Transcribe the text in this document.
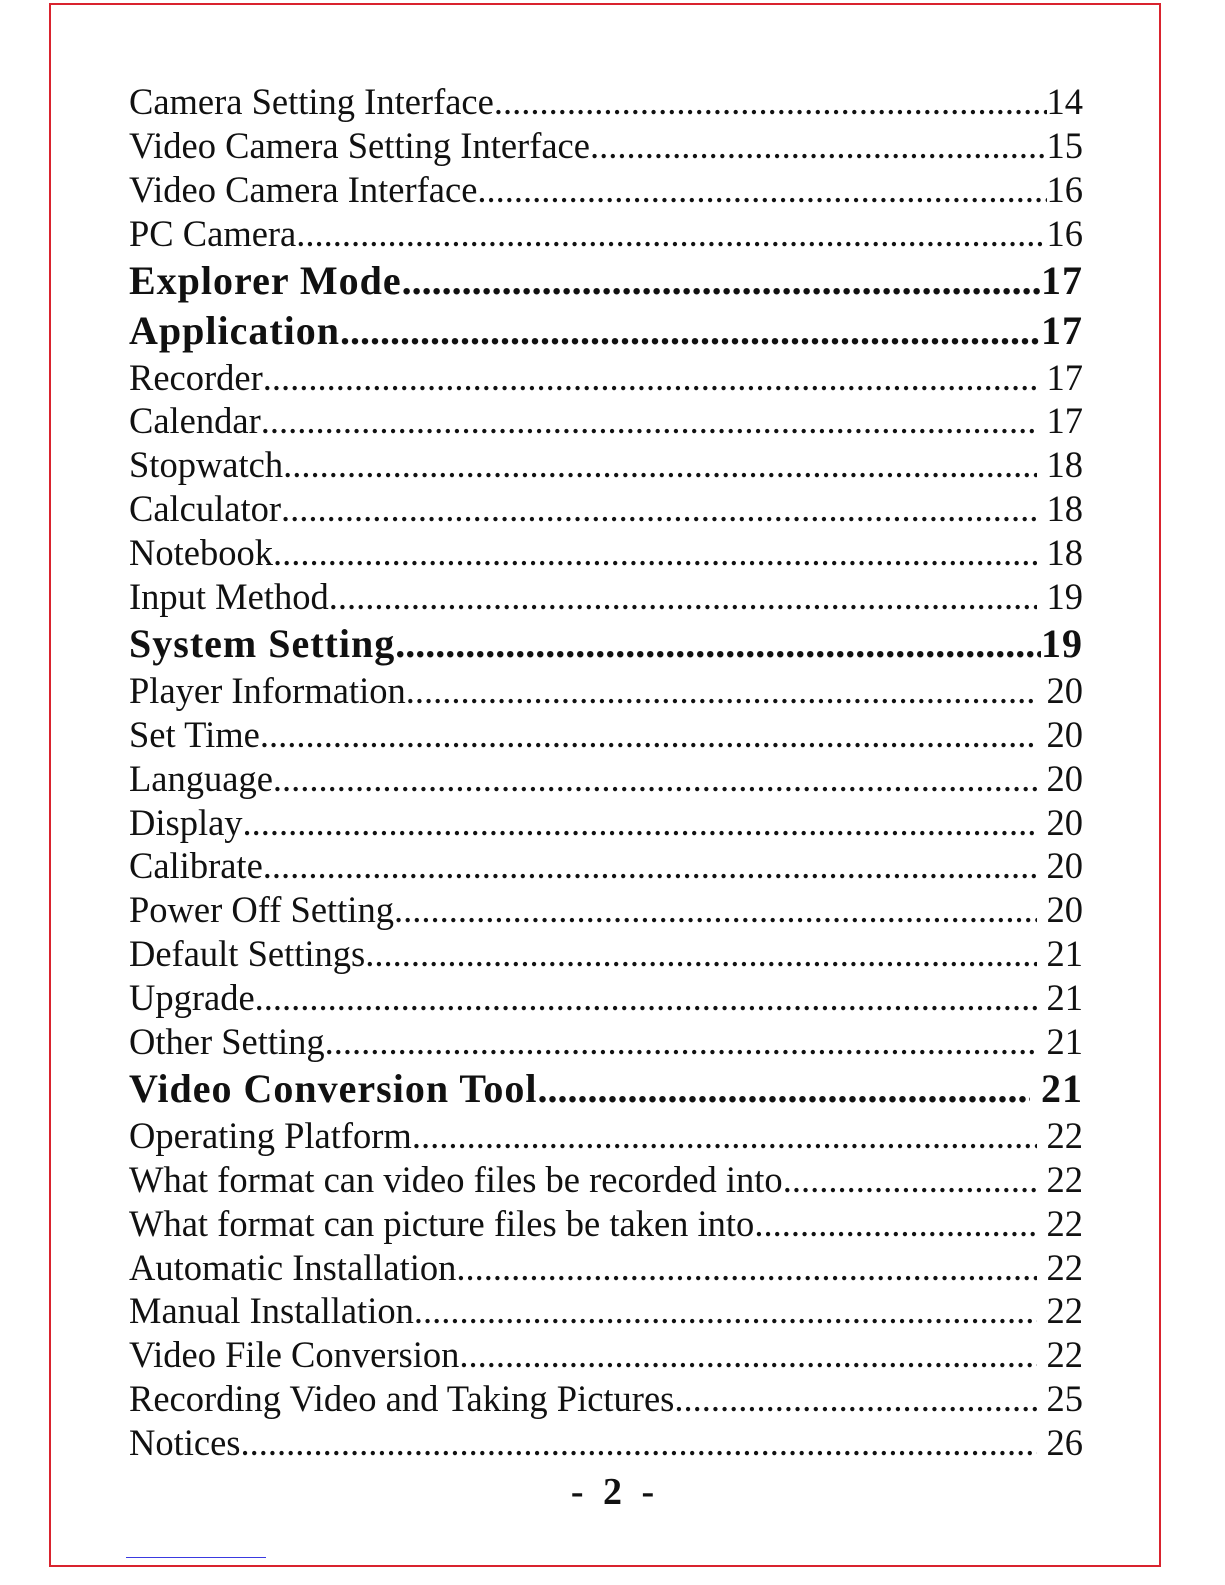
Camera Setting Interface .....	14
Video Camera Setting Interface .....	15
Video Camera Interface .....	16
PC Camera .....	16
Explorer Mode .....	17
Application .....	17
Recorder .....	17
Calendar .....	17
Stopwatch .....	18
Calculator .....	18
Notebook .....	18
Input Method .....	19
System Setting .....	19
Player Information .....	20
Set Time .....	20
Language .....	20
Display .....	20
Calibrate .....	20
Power Off Setting .....	20
Default Settings .....	21
Upgrade .....	21
Other Setting .....	21
Video Conversion Tool .....	21
Operating Platform .....	22
What format can video files be recorded into .....	22
What format can picture files be taken into .....	22
Automatic Installation .....	22
Manual Installation .....	22
Video File Conversion .....	22
Recording Video and Taking Pictures .....	25
Notices .....	26
- 2 -
